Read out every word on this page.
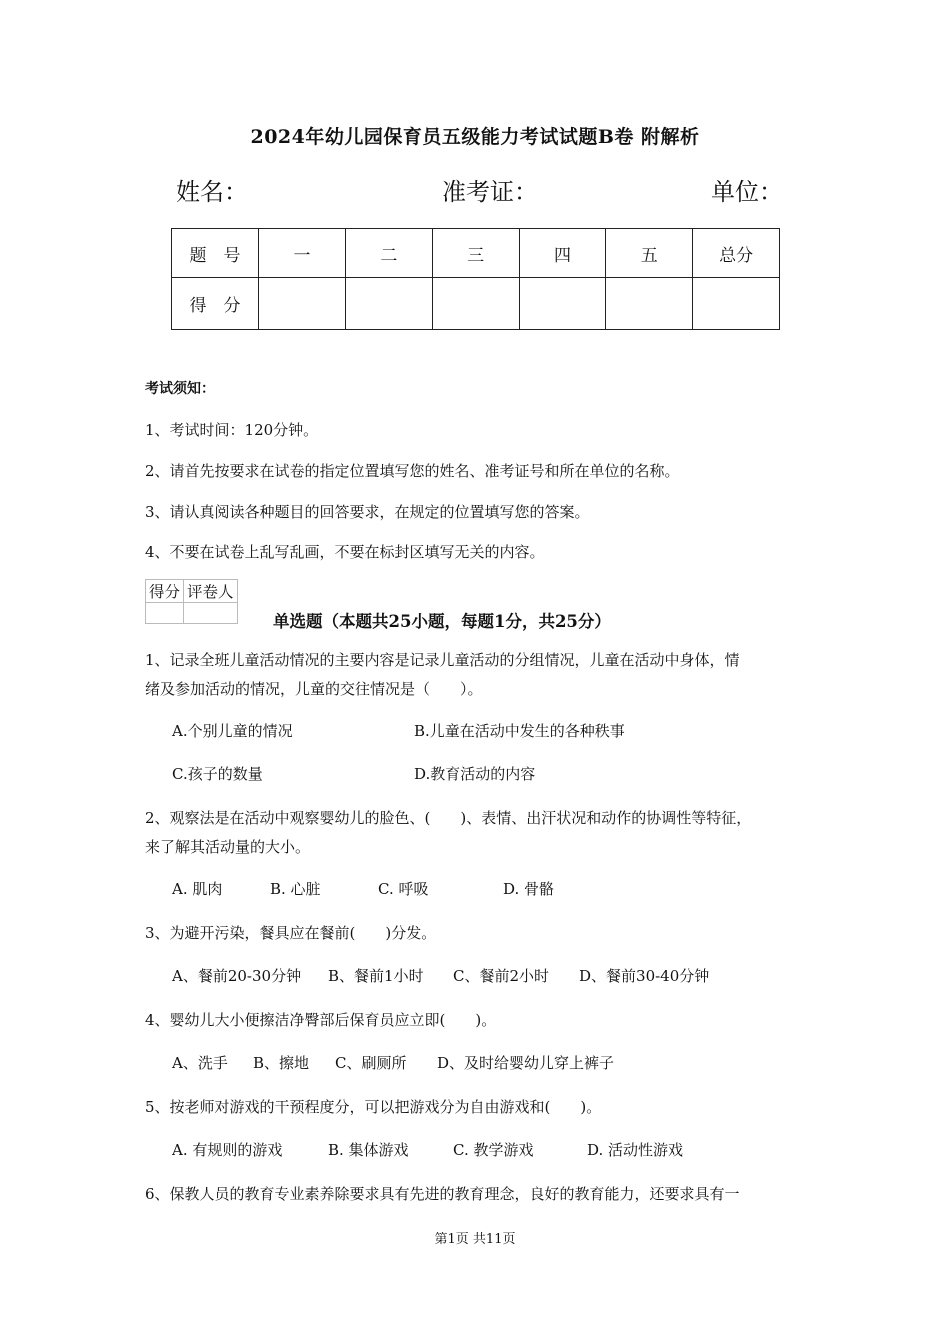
2024年幼儿园保育员五级能力考试试题B卷 附解析
姓名：	准考证：	单位：
题　号	一	二	三	四	五	总分
得　分						
考试须知：
1、考试时间：120分钟。
2、请首先按要求在试卷的指定位置填写您的姓名、准考证号和所在单位的名称。
3、请认真阅读各种题目的回答要求，在规定的位置填写您的答案。
4、不要在试卷上乱写乱画，不要在标封区填写无关的内容。
得分	评卷人

单选题（本题共25小题，每题1分，共25分）
1、记录全班儿童活动情况的主要内容是记录儿童活动的分组情况，儿童在活动中身体，情
绪及参加活动的情况，儿童的交往情况是（　　）。
A.个别儿童的情况	B.儿童在活动中发生的各种秩事
C.孩子的数量	D.教育活动的内容
2、观察法是在活动中观察婴幼儿的脸色、(　　)、表情、出汗状况和动作的协调性等特征，
来了解其活动量的大小。
A. 肌肉	B. 心脏	C. 呼吸	D. 骨骼
3、为避开污染，餐具应在餐前(　　)分发。
A、餐前20-30分钟 B、餐前1小时 C、餐前2小时 D、餐前30-40分钟
4、婴幼儿大小便擦洁净臀部后保育员应立即(　　)。
A、洗手 B、擦地 C、刷厕所 D、及时给婴幼儿穿上裤子
5、按老师对游戏的干预程度分，可以把游戏分为自由游戏和(　　)。
A. 有规则的游戏	B. 集体游戏	C. 教学游戏	D. 活动性游戏
6、保教人员的教育专业素养除要求具有先进的教育理念，良好的教育能力，还要求具有一
第1页 共11页
